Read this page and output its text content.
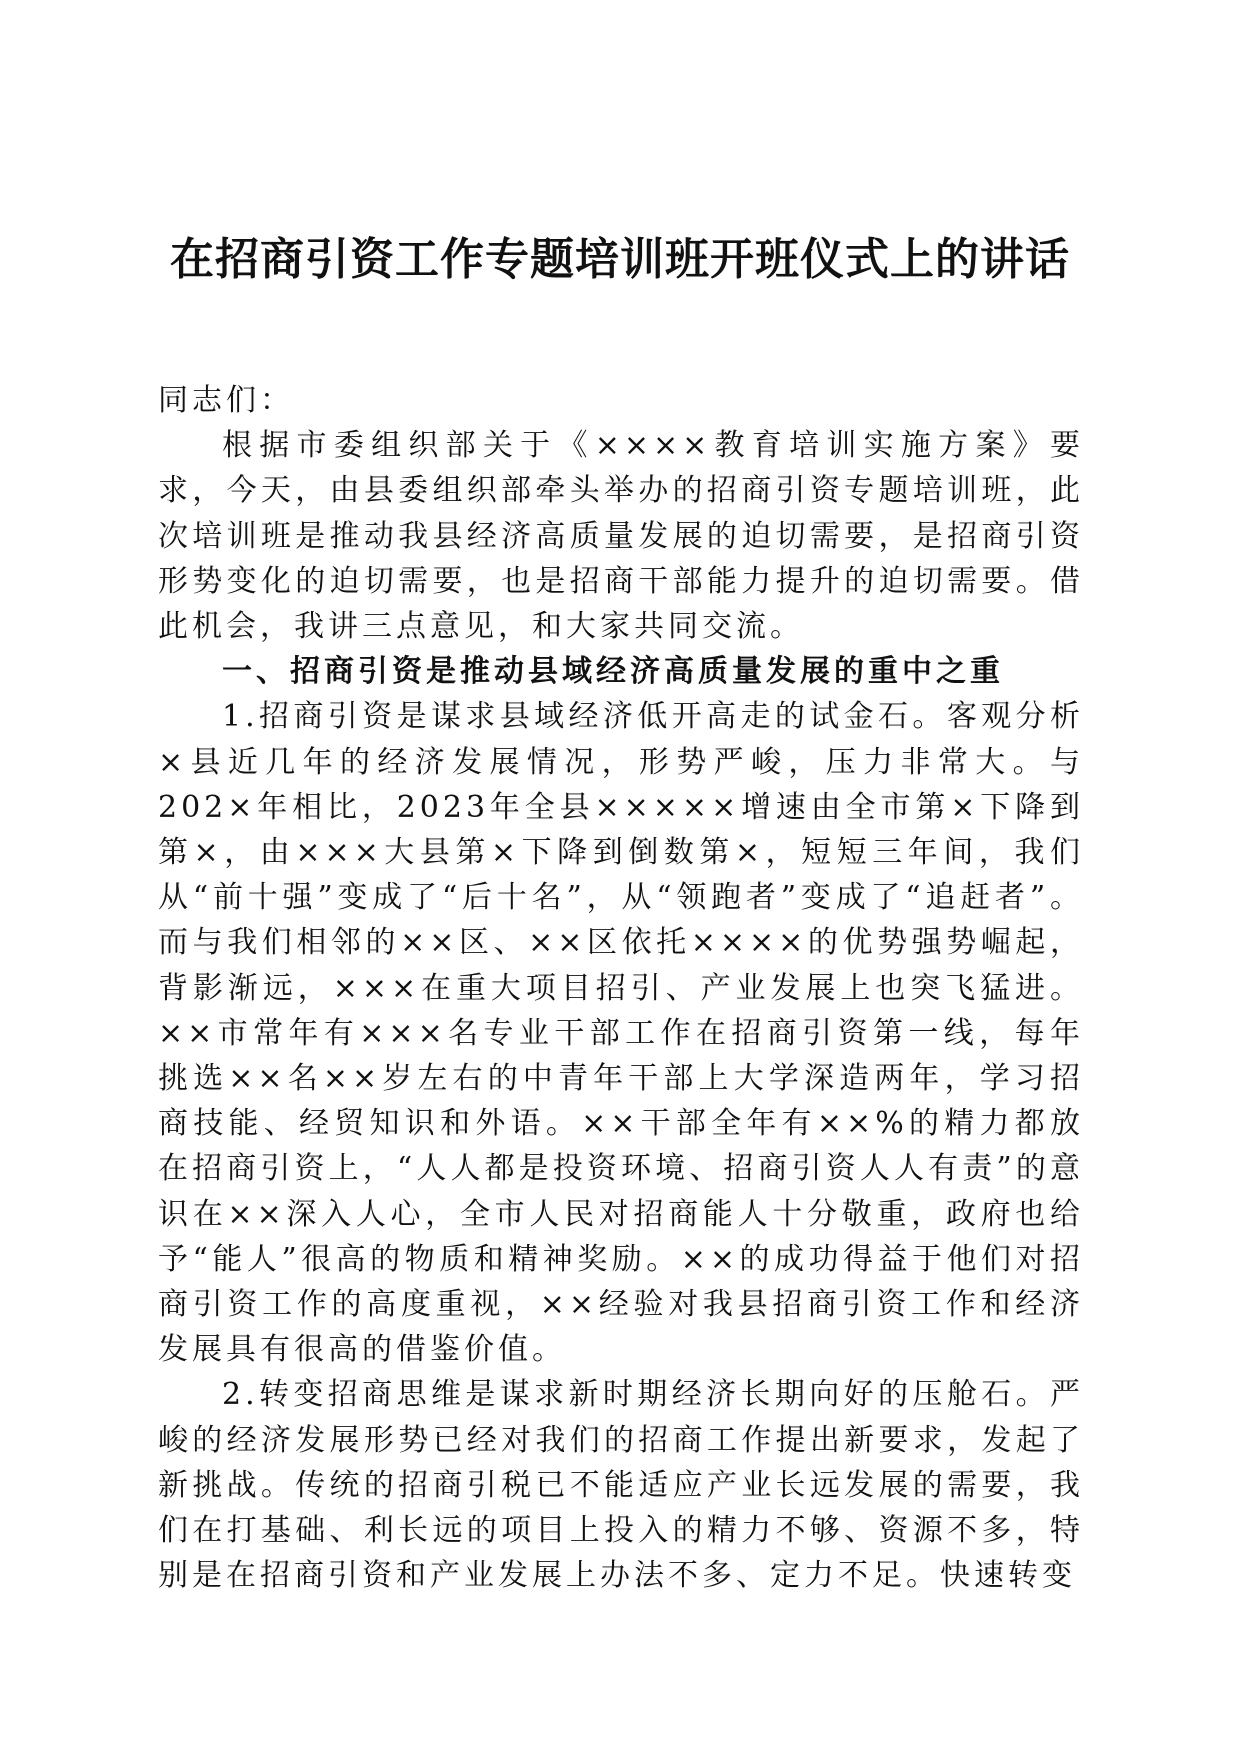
在招商引资工作专题培训班开班仪式上的讲话

同志们：

根据市委组织部关于《××××教育培训实施方案》要求，今天，由县委组织部牵头举办的招商引资专题培训班，此次培训班是推动我县经济高质量发展的迫切需要，是招商引资形势变化的迫切需要，也是招商干部能力提升的迫切需要。借此机会，我讲三点意见，和大家共同交流。

一、招商引资是推动县域经济高质量发展的重中之重

1.招商引资是谋求县域经济低开高走的试金石。客观分析×县近几年的经济发展情况，形势严峻，压力非常大。与202×年相比，2023年全县×××××增速由全市第×下降到第×，由×××大县第×下降到倒数第×，短短三年间，我们从“前十强”变成了“后十名”，从“领跑者”变成了“追赶者”。而与我们相邻的××区、××区依托××××的优势强势崛起，背影渐远，×××在重大项目招引、产业发展上也突飞猛进。××市常年有×××名专业干部工作在招商引资第一线，每年挑选××名××岁左右的中青年干部上大学深造两年，学习招商技能、经贸知识和外语。××干部全年有××%的精力都放在招商引资上，“人人都是投资环境、招商引资人人有责”的意识在××深入人心，全市人民对招商能人十分敬重，政府也给予“能人”很高的物质和精神奖励。××的成功得益于他们对招商引资工作的高度重视，××经验对我县招商引资工作和经济发展具有很高的借鉴价值。

2.转变招商思维是谋求新时期经济长期向好的压舱石。严峻的经济发展形势已经对我们的招商工作提出新要求，发起了新挑战。传统的招商引税已不能适应产业长远发展的需要，我们在打基础、利长远的项目上投入的精力不够、资源不多，特别是在招商引资和产业发展上办法不多、定力不足。快速转变
